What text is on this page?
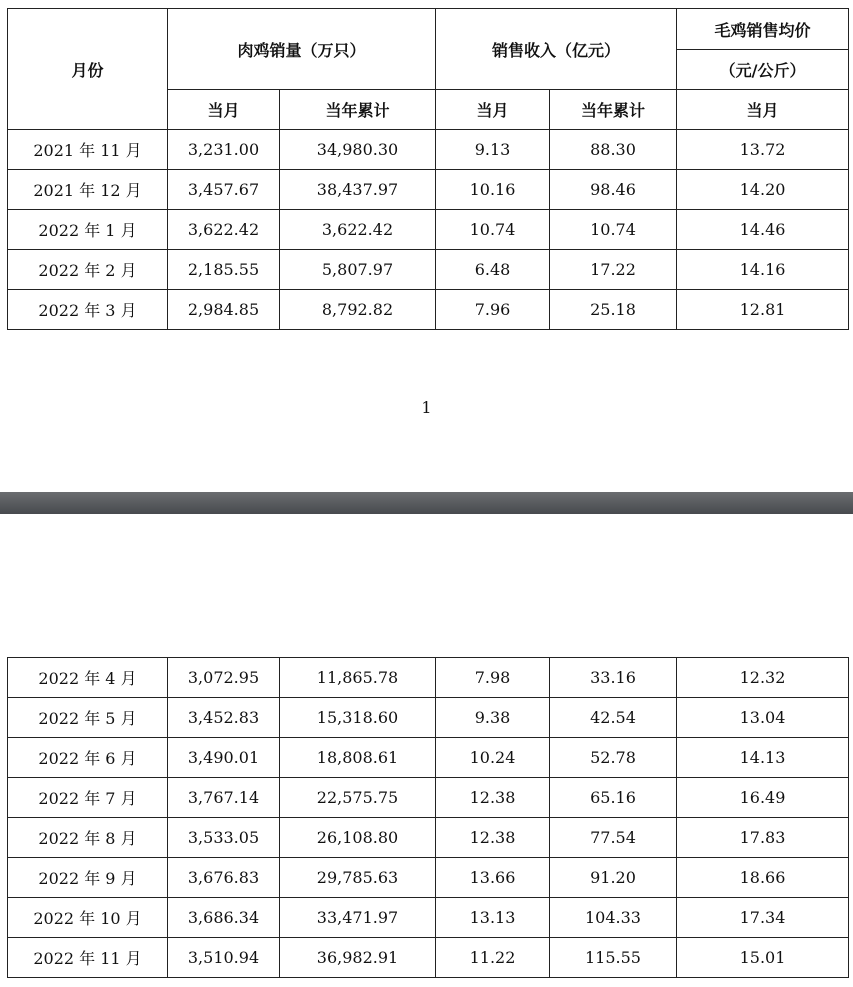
月份	肉鸡销量（万只）		销售收入（亿元）		毛鸡销售均价
					（元/公斤）
	当月	当年累计	当月	当年累计	当月
2021 年 11 月	3,231.00	34,980.30	9.13	88.30	13.72
2021 年 12 月	3,457.67	38,437.97	10.16	98.46	14.20
2022 年 1 月	3,622.42	3,622.42	10.74	10.74	14.46
2022 年 2 月	2,185.55	5,807.97	6.48	17.22	14.16
2022 年 3 月	2,984.85	8,792.82	7.96	25.18	12.81
1
2022 年 4 月	3,072.95	11,865.78	7.98	33.16	12.32
2022 年 5 月	3,452.83	15,318.60	9.38	42.54	13.04
2022 年 6 月	3,490.01	18,808.61	10.24	52.78	14.13
2022 年 7 月	3,767.14	22,575.75	12.38	65.16	16.49
2022 年 8 月	3,533.05	26,108.80	12.38	77.54	17.83
2022 年 9 月	3,676.83	29,785.63	13.66	91.20	18.66
2022 年 10 月	3,686.34	33,471.97	13.13	104.33	17.34
2022 年 11 月	3,510.94	36,982.91	11.22	115.55	15.01
